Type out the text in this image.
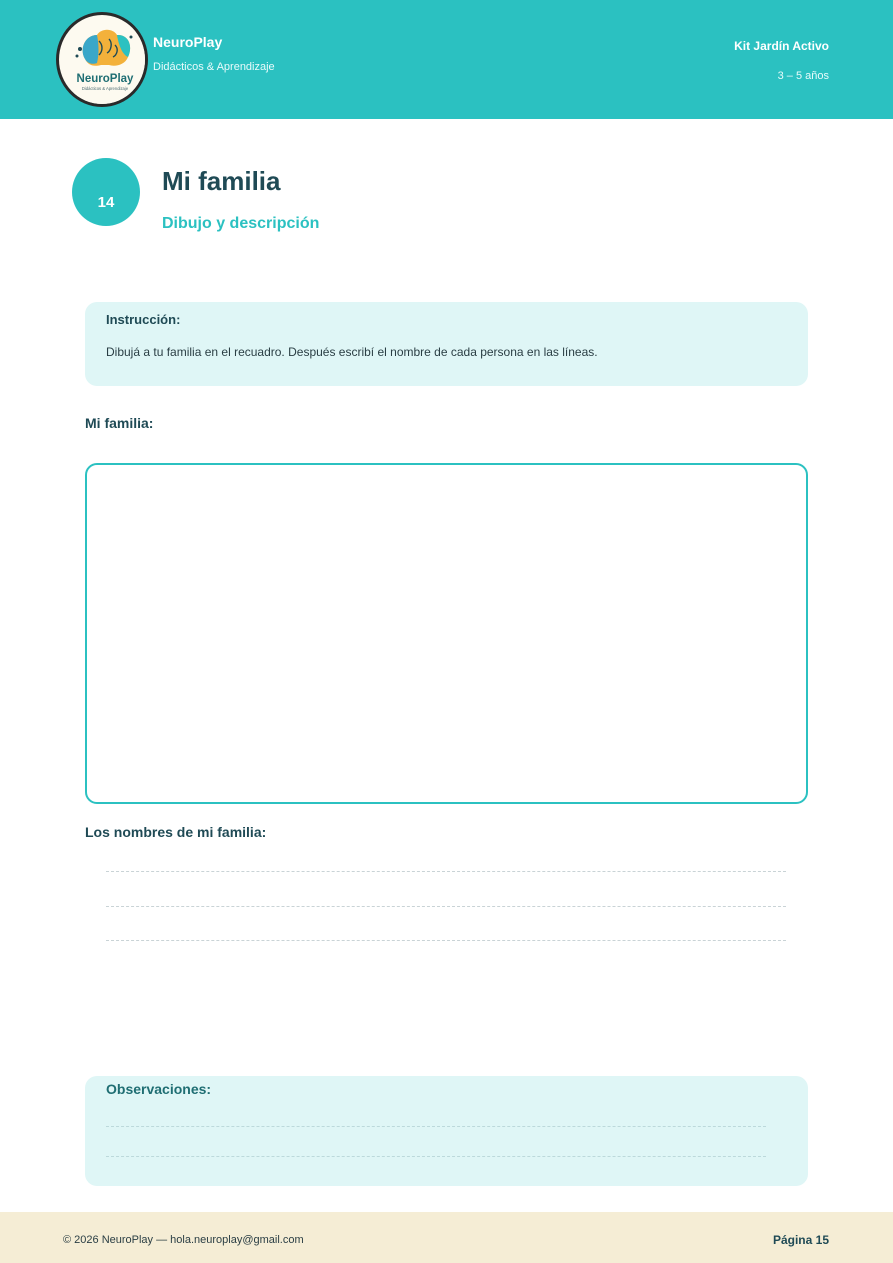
NeuroPlay
Didácticos & Aprendizaje
NeuroPlay
Didácticos & Aprendizaje
Kit Jardín Activo
3 – 5 años
14
Mi familia
Dibujo y descripción
Instrucción:
Dibujá a tu familia en el recuadro. Después escribí el nombre de cada persona en las líneas.
Mi familia:
Los nombres de mi familia:
Observaciones:
© 2026 NeuroPlay — hola.neuroplay@gmail.com	Página 15
